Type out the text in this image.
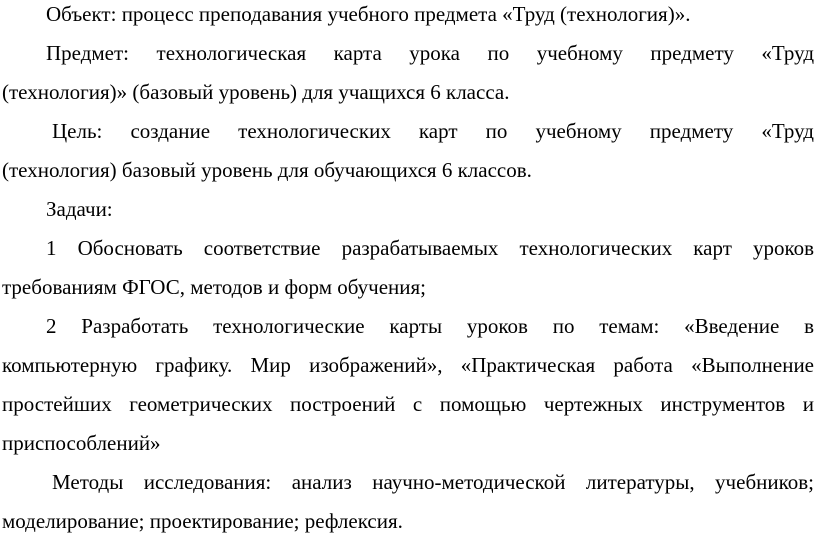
Объект: процесс преподавания учебного предмета «Труд (технология)».
Предмет: технологическая карта урока по учебному предмету «Труд
(технология)» (базовый уровень) для учащихся 6 класса.
Цель: создание технологических карт по учебному предмету «Труд
(технология) базовый уровень для обучающихся 6 классов.
Задачи:
1 Обосновать соответствие разрабатываемых технологических карт уроков
требованиям ФГОС, методов и форм обучения;
2 Разработать технологические карты уроков по темам: «Введение в
компьютерную графику. Мир изображений», «Практическая работа «Выполнение
простейших геометрических построений с помощью чертежных инструментов и
приспособлений»
Методы исследования: анализ научно-методической литературы, учебников;
моделирование; проектирование; рефлексия.
